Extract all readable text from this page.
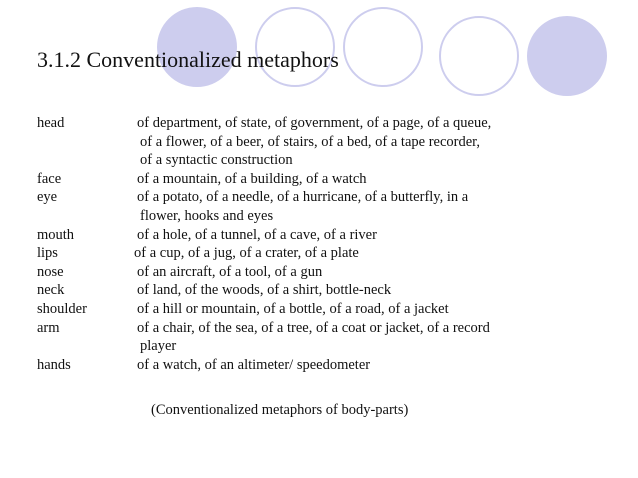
3.1.2 Conventionalized metaphors
head	of department, of state, of government, of a page, of a queue,
of a flower, of a beer, of stairs, of a bed, of a tape recorder,
of a syntactic construction
face	of a mountain, of a building, of a watch
eye	of a potato, of a needle, of a hurricane, of a butterfly, in a
flower, hooks and eyes
mouth	of a hole, of a tunnel, of a cave, of a river
lips	of a cup, of a jug, of a crater, of a plate
nose	of an aircraft, of a tool, of a gun
neck	of land, of the woods, of a shirt, bottle-neck
shoulder	of a hill or mountain, of a bottle, of a road, of a jacket
arm	of a chair, of the sea, of a tree, of a coat or jacket, of a record
player
hands	of a watch, of an altimeter/ speedometer
(Conventionalized metaphors of body-parts)
